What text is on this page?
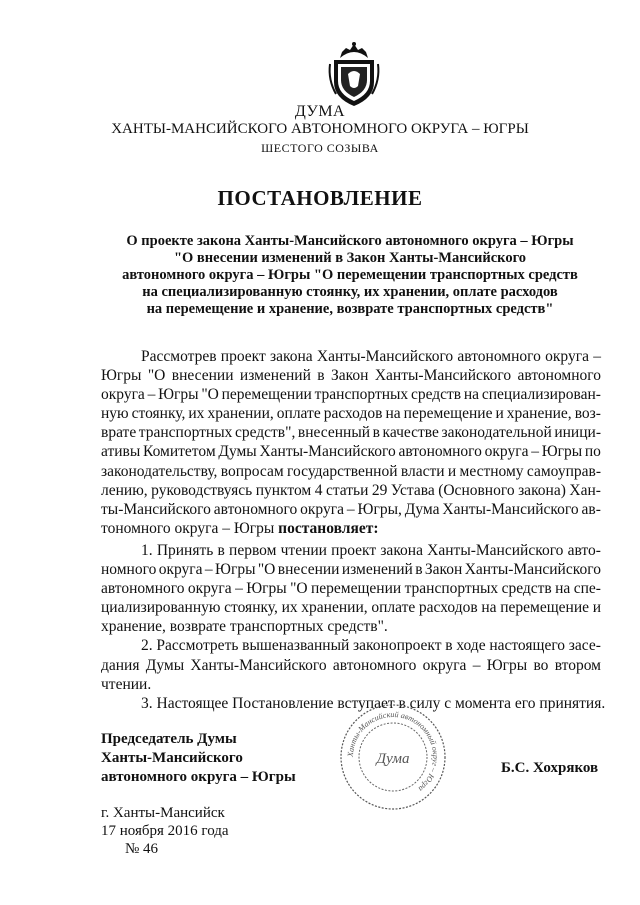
ДУМА
ХАНТЫ-МАНСИЙСКОГО АВТОНОМНОГО ОКРУГА – ЮГРЫ
ШЕСТОГО СОЗЫВА
ПОСТАНОВЛЕНИЕ
О проекте закона Ханты-Мансийского автономного округа – Югры
"О внесении изменений в Закон Ханты-Мансийского
автономного округа – Югры "О перемещении транспортных средств
на специализированную стоянку, их хранении, оплате расходов
на перемещение и хранение, возврате транспортных средств"
Рассмотрев проект закона Ханты-Мансийского автономного округа –
Югры "О внесении изменений в Закон Ханты-Мансийского автономного
округа – Югры "О перемещении транспортных средств на специализирован-
ную стоянку, их хранении, оплате расходов на перемещение и хранение, воз-
врате транспортных средств", внесенный в качестве законодательной иници-
ативы Комитетом Думы Ханты-Мансийского автономного округа – Югры по
законодательству, вопросам государственной власти и местному самоуправ-
лению, руководствуясь пунктом 4 статьи 29 Устава (Основного закона) Хан-
ты-Мансийского автономного округа – Югры, Дума Ханты-Мансийского ав-
тономного округа – Югры
постановляет:
1. Принять в первом чтении проект закона Ханты-Мансийского авто-
номного округа – Югры "О внесении изменений в Закон Ханты-Мансийского
автономного округа – Югры "О перемещении транспортных средств на спе-
циализированную стоянку, их хранении, оплате расходов на перемещение и
хранение, возврате транспортных средств".
2. Рассмотреть вышеназванный законопроект в ходе настоящего засе-
дания Думы Ханты-Мансийского автономного округа – Югры во втором
чтении.
3. Настоящее Постановление вступает в силу с момента его принятия.
Председатель Думы
Ханты-Мансийского
автономного округа – Югры
Ханты-Мансийский автономный округ – Югра
Дума
Б.С. Хохряков
г. Ханты-Мансийск
17 ноября 2016 года
№ 46
